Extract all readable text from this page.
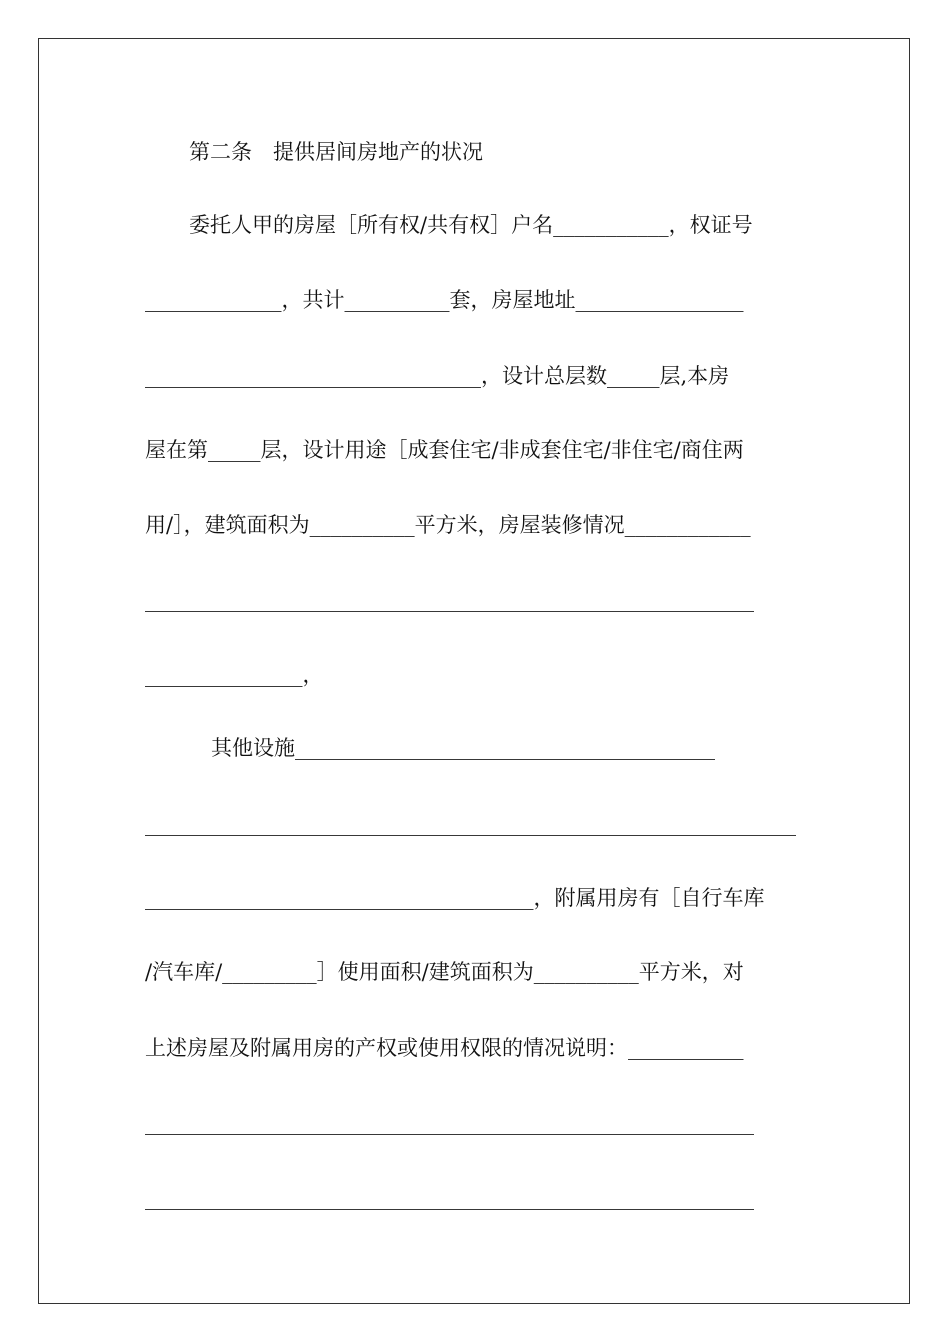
第二条　提供居间房地产的状况
委托人甲的房屋［所有权/共有权］户名___________，权证号
_____________，共计__________套，房屋地址________________
________________________________，设计总层数_____层,本房
屋在第_____层，设计用途［成套住宅/非成套住宅/非住宅/商住两
用/］，建筑面积为__________平方米，房屋装修情况____________
__________________________________________________________
_______________，
其他设施________________________________________
______________________________________________________________
_____________________________________，附属用房有［自行车库
/汽车库/_________］使用面积/建筑面积为__________平方米，对
上述房屋及附属用房的产权或使用权限的情况说明：___________
__________________________________________________________
__________________________________________________________
